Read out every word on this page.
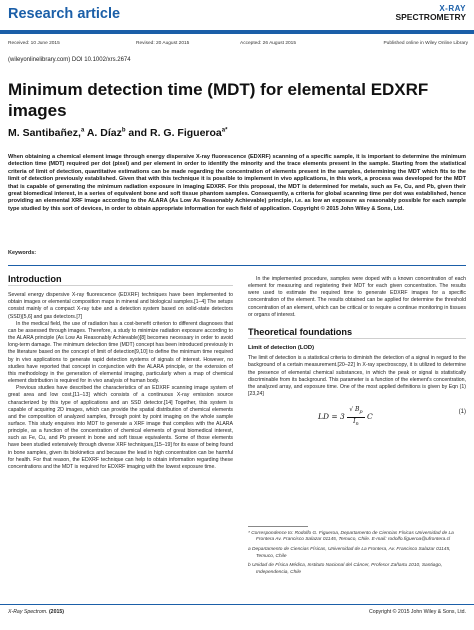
Research article	X-RAY
SPECTROMETRY
Received: 10 June 2015	Revised: 20 August 2015	Accepted: 26 August 2015	Published online in Wiley Online Library
(wileyonlinelibrary.com) DOI 10.1002/xrs.2674
Minimum detection time (MDT) for elemental EDXRF images
M. Santibañez,$^a$ A. Díaz$^b$ and R. G. Figueroa$^{a*}$
When obtaining a chemical element image through energy dispersive X-ray fluorescence (EDXRF) scanning of a specific sample, it is important to determine the minimum detection time (MDT) required per dot (pixel) and per element in order to identify the minority and the trace elements present in the sample. Starting from the statistical criteria of limit of detection, quantitative estimations can be made regarding the concentration of elements present in the samples, determining the MDT which fits to the limit of detection previously established. Given that with this technique it is possible to implement in vivo applications, in this work, a process was developed for the MDT that is capable of generating the minimum radiation exposure in imaging EDXRF. For this proposal, the MDT is determined for metals, such as Fe, Cu, and Pb, given their great biomedical interest, in a series of equivalent bone and soft tissue phantom samples. Consequently, a criteria for global scanning time per dot was established, hence providing an elemental XRF image according to the ALARA (As Low As Reasonably Achievable) principle, i.e. as low an exposure as reasonably possible for each sample type studied by this sort of devices, in order to obtain appropriate information for each field of application. Copyright © 2015 John Wiley & Sons, Ltd.
Keywords:
Introduction
Several energy dispersive X-ray fluorescence (EDXRF) techniques have been implemented to obtain images or elemental composition maps in mineral and biological samples.[1–4] The setups consist mainly of a compact X-ray tube and a detection system based on solid-state detectors (SSD)[5,6] and gas detectors.[7]
In the medical field, the use of radiation has a cost-benefit criterion to different diagnoses that can be assessed through images. Therefore, a study to minimize radiation exposure according to the ALARA principle (As Low As Reasonably Achievable)[8] becomes necessary in order to avoid long-term damage. The minimum detection time (MDT) concept has been introduced previously in the literature based on the concept of limit of detection[9,10] to define the minimum time required by in vivo applications to generate rapid detection systems of signals of interest. However, no studies have reported that concept in conjunction with the ALARA principle, or the extension of this methodology in the generation of elemental imaging, particularly when a map of chemical element distribution is required for in vivo analysis of human body.
Previous studies have described the characteristics of an EDXRF scanning image system of great area and low cost,[11–13] which consists of a continuous X-ray emission source characterized by this type of applications and an SSD detector.[14] Together, this system is capable of acquiring 2D images, which can provide the spatial distribution of chemical elements and the composition of analyzed samples, through point by point imaging on the whole sample surface. This study enquires into MDT to generate a XRF image that complies with the ALARA principle, as a function of the concentration of chemical elements of great biomedical interest, such as Fe, Cu, and Pb present in bone and soft tissue equivalents. Some of those elements have been studied extensively through diverse XRF techniques,[15–19] for its ease of being found in bone samples, given its biokinetics and because the lead in high concentration can be harmful for health. For that reason, the EDXRF technique can help to obtain information regarding these concentrations and the MDT is required for EDXRF imaging with the lowest exposure time.
In the implemented procedure, samples were doped with a known concentration of each element for measuring and registering their MDT for each given concentration. The results were used to estimate the required time to generate EDXRF images for a specific concentration of the element. The results obtained can be applied for determine the threshold concentration of an element, which can be critical or to require a continue monitoring in tissues or organs of interest.
Theoretical foundations
Limit of detection (LOD)
The limit of detection is a statistical criteria to diminish the detection of a signal in regard to the background of a certain measurement.[20–22] In X-ray spectroscopy, it is utilized to determine the presence of elemental chemical substances, in which the peak or signal is statistically discriminable from its background. This parameter is a function of the element's concentration, the analyzed array, and exposure time. One of the most applied definitions is given by Eqn (1)[23,24]
LD = $3 \frac{√ B_p}{I_n}$ C	(1)
* Correspondence to: Rodolfo G. Figueroa, Departamento de Ciencias Físicas Universidad de La Frontera Av. Francisco Salazar 01145, Temuco, Chile. E-mail: rodolfo.figueroa@ufrontera.cl
a Departamento de Ciencias Físicas, Universidad de La Frontera, Av. Francisco Salazar 01145, Temuco, Chile
b Unidad de Física Médica, Instituto Nacional del Cáncer, Profesor Zañartu 1010, Santiago, Independencia, Chile
X-Ray Spectrom. (2015)	Copyright © 2015 John Wiley & Sons, Ltd.
